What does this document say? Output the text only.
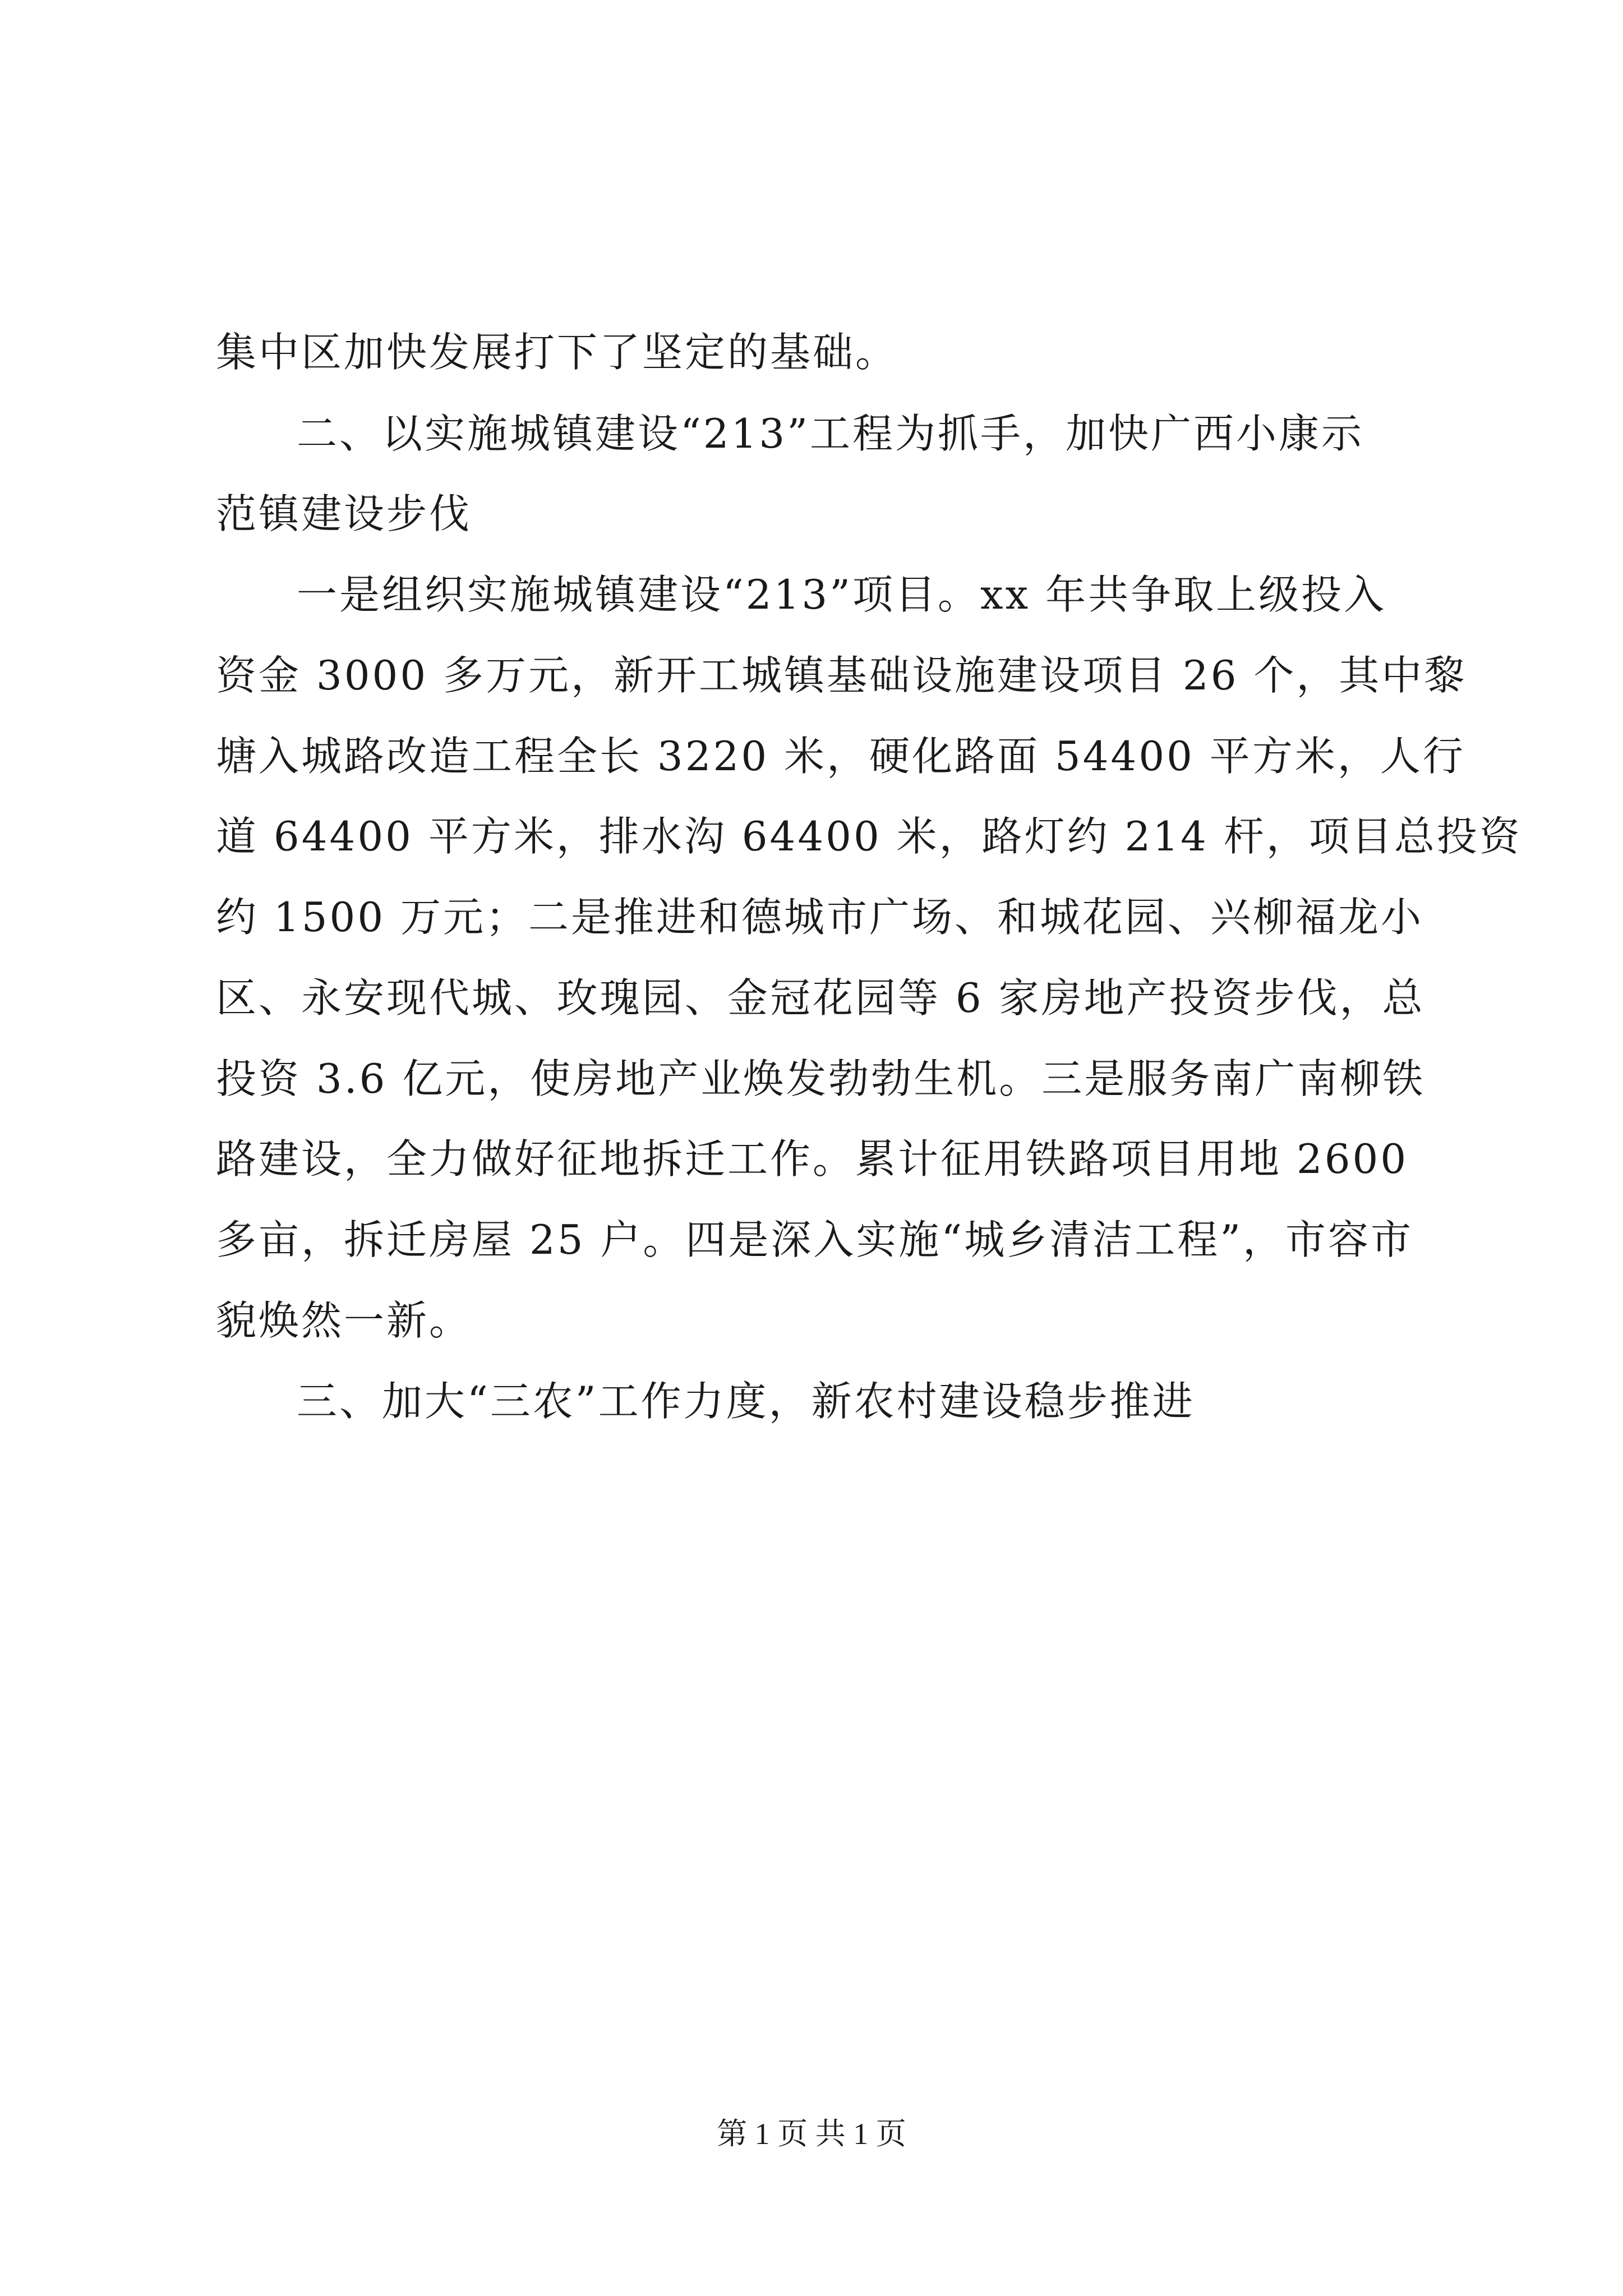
集中区加快发展打下了坚定的基础。
二、以实施城镇建设“213”工程为抓手，加快广西小康示
范镇建设步伐
一是组织实施城镇建设“213”项目。xx 年共争取上级投入
资金 3000 多万元，新开工城镇基础设施建设项目 26 个，其中黎
塘入城路改造工程全长 3220 米，硬化路面 54400 平方米，人行
道 64400 平方米，排水沟 64400 米，路灯约 214 杆，项目总投资
约 1500 万元；二是推进和德城市广场、和城花园、兴柳福龙小
区、永安现代城、玫瑰园、金冠花园等 6 家房地产投资步伐，总
投资 3.6 亿元，使房地产业焕发勃勃生机。三是服务南广南柳铁
路建设，全力做好征地拆迁工作。累计征用铁路项目用地 2600
多亩，拆迁房屋 25 户。四是深入实施“城乡清洁工程”，市容市
貌焕然一新。
三、加大“三农”工作力度，新农村建设稳步推进
第 1 页 共 1 页
